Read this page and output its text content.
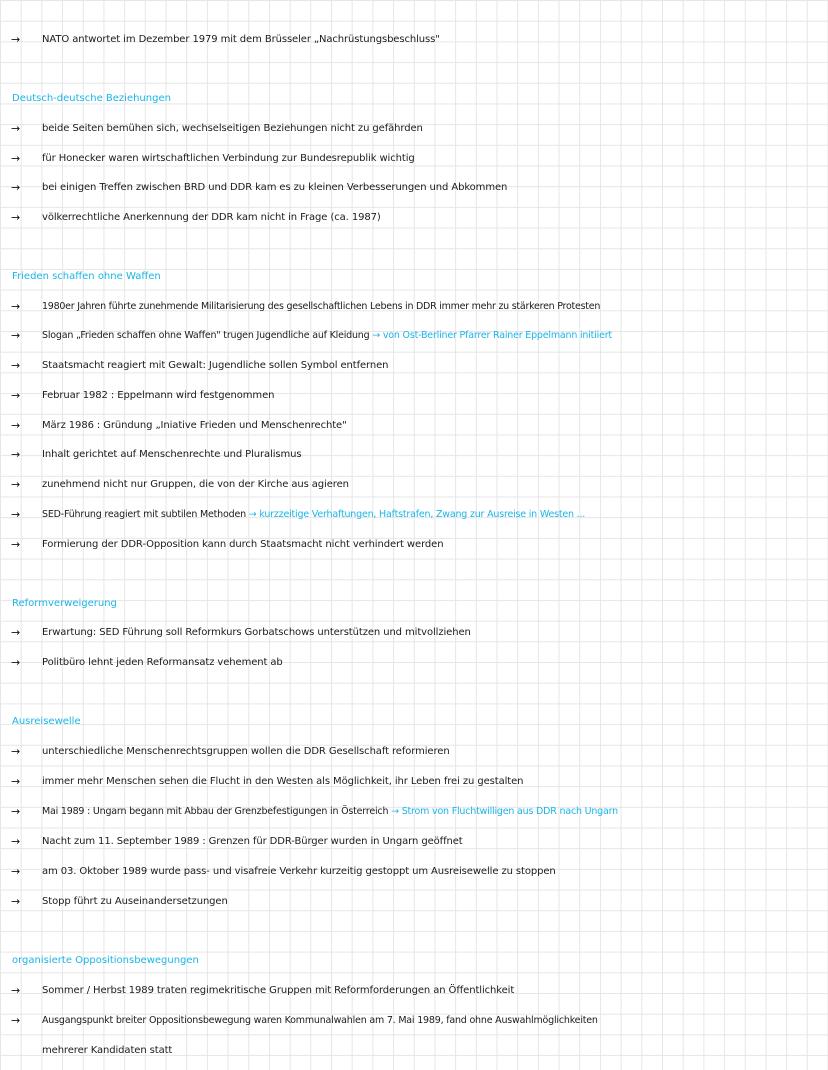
→ NATO antwortet im Dezember 1979 mit dem Brüsseler „Nachrüstungsbeschluss"
Deutsch-deutsche Beziehungen
→ beide Seiten bemühen sich, wechselseitigen Beziehungen nicht zu gefährden
→ für Honecker waren wirtschaftlichen Verbindung zur Bundesrepublik wichtig
→ bei einigen Treffen zwischen BRD und DDR kam es zu kleinen Verbesserungen und Abkommen
→ völkerrechtliche Anerkennung der DDR kam nicht in Frage (ca. 1987)
Frieden schaffen ohne Waffen
→ 1980er Jahren führte zunehmende Militarisierung des gesellschaftlichen Lebens in DDR immer mehr zu stärkeren Protesten
→ Slogan „Frieden schaffen ohne Waffen" trugen Jugendliche auf Kleidung → von Ost-Berliner Pfarrer Rainer Eppelmann initiiert
→ Staatsmacht reagiert mit Gewalt: Jugendliche sollen Symbol entfernen
→ Februar 1982 : Eppelmann wird festgenommen
→ März 1986 : Gründung „Iniative Frieden und Menschenrechte"
→ Inhalt gerichtet auf Menschenrechte und Pluralismus
→ zunehmend nicht nur Gruppen, die von der Kirche aus agieren
→ SED-Führung reagiert mit subtilen Methoden → kurzzeitige Verhaftungen, Haftstrafen, Zwang zur Ausreise in Westen ...
→ Formierung der DDR-Opposition kann durch Staatsmacht nicht verhindert werden
Reformverweigerung
→ Erwartung: SED Führung soll Reformkurs Gorbatschows unterstützen und mitvollziehen
→ Politbüro lehnt jeden Reformansatz vehement ab
Ausreisewelle
→ unterschiedliche Menschenrechtsgruppen wollen die DDR Gesellschaft reformieren
→ immer mehr Menschen sehen die Flucht in den Westen als Möglichkeit, ihr Leben frei zu gestalten
→ Mai 1989 : Ungarn begann mit Abbau der Grenzbefestigungen in Österreich → Strom von Fluchtwilligen aus DDR nach Ungarn
→ Nacht zum 11. September 1989 : Grenzen für DDR-Bürger wurden in Ungarn geöffnet
→ am 03. Oktober 1989 wurde pass- und visafreie Verkehr kurzeitig gestoppt um Ausreisewelle zu stoppen
→ Stopp führt zu Auseinandersetzungen
organisierte Oppositionsbewegungen
→ Sommer / Herbst 1989 traten regimekritische Gruppen mit Reformforderungen an Öffentlichkeit
→ Ausgangspunkt breiter Oppositionsbewegung waren Kommunalwahlen am 7. Mai 1989, fand ohne Auswahlmöglichkeiten
mehrerer Kandidaten statt
